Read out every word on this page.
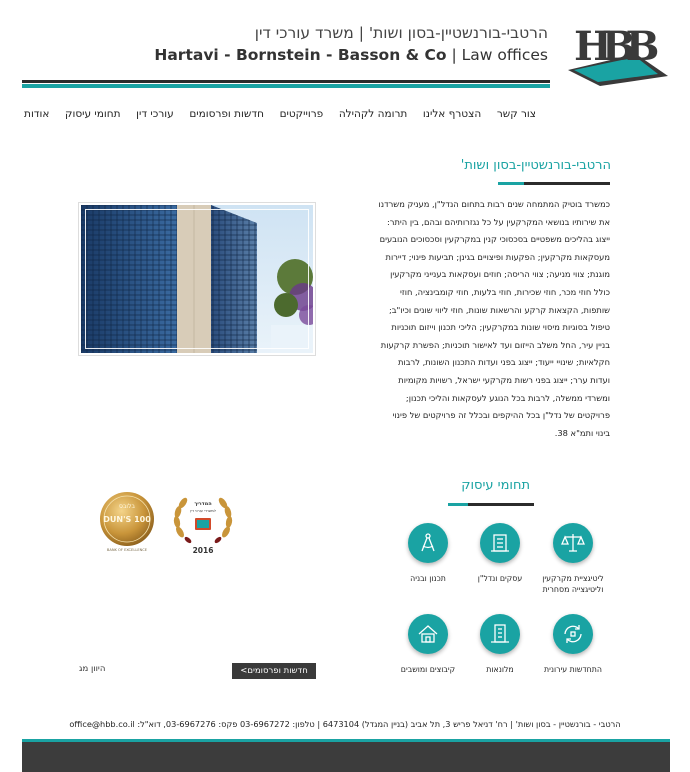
הרטבי-בורנשטיין-בסון ושות' | משרד עורכי דין
Hartavi - Bornstein - Basson & Co | Law offices HBB
אודות תחומי עיסוק עורכי דין חדשות ופרסומים פרוייקטים תרומה לקהילה הצטרף אלינו צור קשר
הרטבי-בורנשטיין-בסון ושות'
כמשרד בוטיק המתמחה שנים רבות בתחום הנדל"ן, מעניק משרדנו
את שירותיו בנושאי המקרקעין על כל נגזרותיהם ובהם, בין היתר:
ייצוג בהליכים משפטיים בסכסוכי קנין במקרקעין וסכסוכים הנובעים
מעסקאות מקרקעין; הפקעות ופיצויים בגינן; תביעות פינוי; דיירות
מוגנת; צווי מניעה; צווי הריסה; חוזים ועסקאות בענייני מקרקעין
כולל חוזי מכר, חוזי שכירות, חוזי בלעות, חוזי קומבינציה, חוזי
שותפות, הקצאות קרקע והרשאות שונות, חוזי ליווי שונים וכיו"ב;
טיפול בסוגיות מיסוי שונות במקרקעין; הליכי תכנון וייזום תוכניות
בניין עיר, החל משלב הייזום ועד לאישור תוכניות; הפשרת קרקעות
חקלאיות; שינויי ייעוד; ייצוג בפני ועדות התכנון השונות, לרבות
ועדות ערר; ייצוג בפני רשות מקרקעי ישראל, רשויות מקומיות
ומשרדי ממשלה, לרבות בכל הנוגע לעסקאות והליכי תכנון;
פרויקטים של נדל"ן בכל ההיקפים ובכלל זה פרויקטים של פינוי
בינוי ותמ"א 38.
תחומי עיסוק
ליטיגציית מקרקעין וליטיגצייה מסחרית
עסקים ונדל"ן
תכנון ובניה
התחדשות עירונית
מלונאות
קיבוצים ומושבים
בלובס
DUN'S 100
BANK OF EXCELLENCE
המדריך
למשרדי עורכי דין
2016
חדשות ופרסומים>
היוון מג
הרטבי - בורנשטיין - בסון ושות' | רח' דניאל פריש 3, תל אביב (בניין המגדל) 6473104 | טלפון: 03-6967272 פקס: 03-6967276, דוא"ל: office@hbb.co.il
